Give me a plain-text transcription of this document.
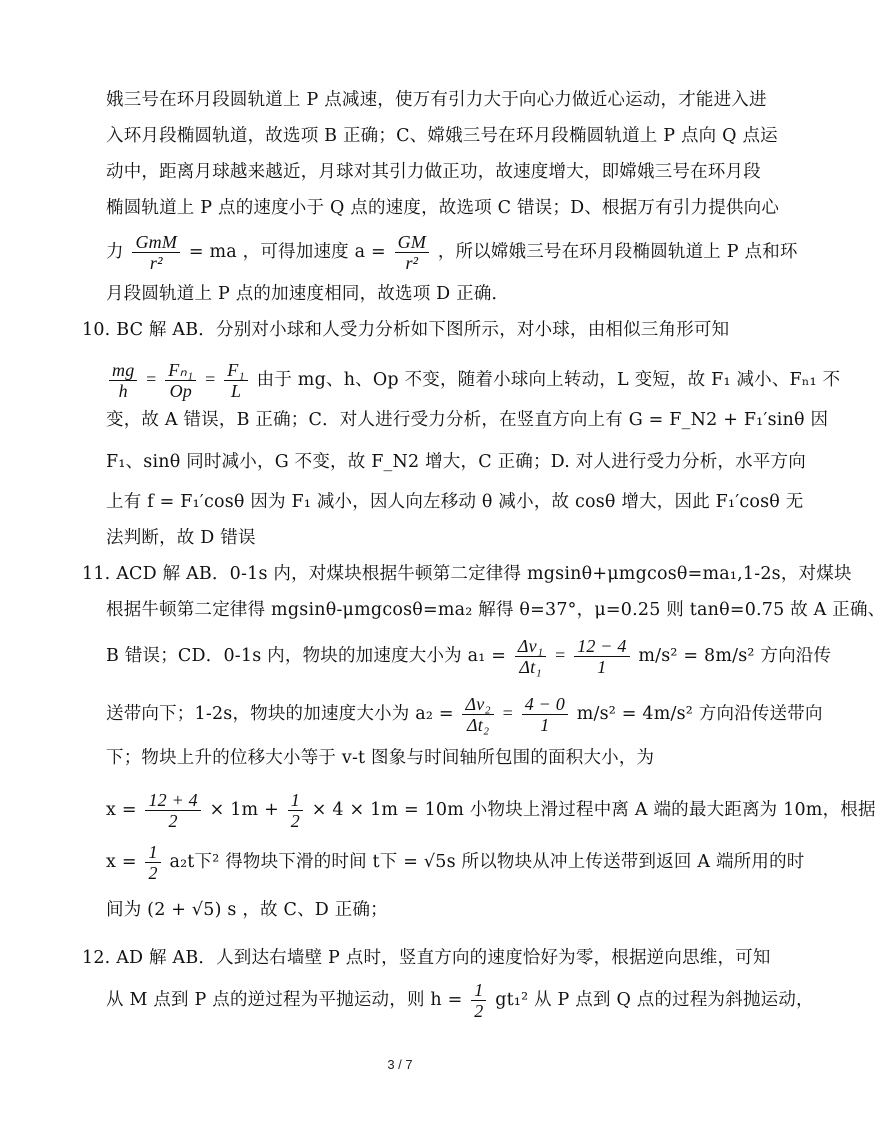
娥三号在环月段圆轨道上 P 点减速，使万有引力大于向心力做近心运动，才能进入进
入环月段椭圆轨道，故选项 B 正确；C、嫦娥三号在环月段椭圆轨道上 P 点向 Q 点运
动中，距离月球越来越近，月球对其引力做正功，故速度增大，即嫦娥三号在环月段
椭圆轨道上 P 点的速度小于 Q 点的速度，故选项 C 错误；D、根据万有引力提供向心
力 $\frac{\text{GmM}}{\text{r²}}$ = ma ，可得加速度 $a = \frac{GM}{\text{r²}}$ ，所以嫦娥三号在环月段椭圆轨道上 P 点和环
月段圆轨道上 P 点的加速度相同，故选项 D 正确．
10. BC 解 AB．分别对小球和人受力分析如下图所示，对小球，由相似三角形可知
$\frac{mg}{h} = \frac{\text{Fₙ₁}}{Op} = \frac{\text{F₁}}{L}$ 由于 mg、h、Op 不变，随着小球向上转动，L 变短，故 F₁ 减小、Fₙ₁ 不
变，故 A 错误，B 正确；C．对人进行受力分析，在竖直方向上有 G = F_N2 + F₁′sinθ 因
F₁、sinθ 同时减小，G 不变，故 F_N2 增大，C 正确；D. 对人进行受力分析，水平方向
上有 f = F₁′cosθ 因为 F₁ 减小，因人向左移动 θ 减小，故 cosθ 增大，因此 F₁′cosθ 无
法判断，故 D 错误
11. ACD 解 AB．0-1s 内，对煤块根据牛顿第二定律得 mgsinθ+μmgcosθ=ma₁,1-2s，对煤块
根据牛顿第二定律得 mgsinθ-μmgcosθ=ma₂ 解得 θ=37°，μ=0.25 则 tanθ=0.75 故 A 正确、
B 错误；CD．0-1s 内，物块的加速度大小为 $a_1 = \frac{\text{Δv₁}}{\text{Δt₁}} = \frac{12 - 4}{1} m/s^2 = 8m/s^2$ 方向沿传
送带向下；1-2s，物块的加速度大小为 $a_2 = \frac{\text{Δv₂}}{\text{Δt₂}} = \frac{4 - 0}{1} m/s^2 = 4m/s^2$ 方向沿传送带向
下；物块上升的位移大小等于 v-t 图象与时间轴所包围的面积大小，为
$x = \frac{12 + 4}{2} \times 1m + \frac{1}{2} \times 4 \times 1m = 10m$ 小物块上滑过程中离 A 端的最大距离为 10m，根据
$x = \frac{1}{2} a_2t$下² 得物块下滑的时间 t下 = √5s 所以物块从冲上传送带到返回 A 端所用的时
间为 (2 + √5) s ，故 C、D 正确；
12. AD 解 AB．人到达右墙壁 P 点时，竖直方向的速度恰好为零，根据逆向思维，可知
从 M 点到 P 点的逆过程为平抛运动，则 $h = \frac{1}{2} gt_1^2$ 从 P 点到 Q 点的过程为斜抛运动，
3 / 7
